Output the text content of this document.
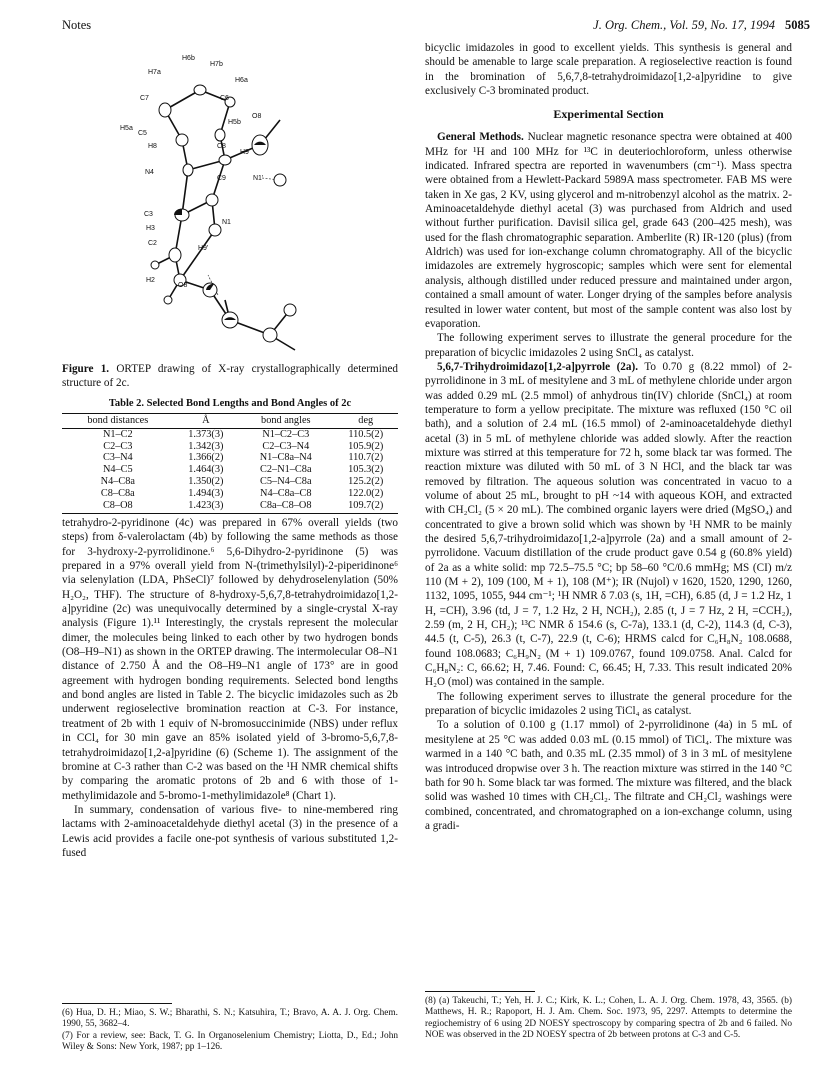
Notes	J. Org. Chem., Vol. 59, No. 17, 1994 5085
H6b
H7b
H7a
H6a
C7	C6
H5b
O8
H5a
C5
H8	C8
H9
N4
C9	N1'
C3
N1
H3
C2
H9'
H2
O8'
Figure 1. ORTEP drawing of X-ray crystallographically determined structure of 2c.
Table 2. Selected Bond Lengths and Bond Angles of 2c
bond distances	Å	bond angles	deg
N1–C2	1.373(3)	N1–C2–C3	110.5(2)
C2–C3	1.342(3)	C2–C3–N4	105.9(2)
C3–N4	1.366(2)	N1–C8a–N4	110.7(2)
N4–C5	1.464(3)	C2–N1–C8a	105.3(2)
N4–C8a	1.350(2)	C5–N4–C8a	125.2(2)
C8–C8a	1.494(3)	N4–C8a–C8	122.0(2)
C8–O8	1.423(3)	C8a–C8–O8	109.7(2)

tetrahydro-2-pyridinone (4c) was prepared in 67% overall yields (two steps) from δ-valerolactam (4b) by following the same methods as those for 3-hydroxy-2-pyrrolidinone.⁶ 5,6-Dihydro-2-pyridinone (5) was prepared in a 97% overall yield from N-(trimethylsilyl)-2-piperidinone⁶ via selenylation (LDA, PhSeCl)⁷ followed by dehydroselenylation (50% H₂O₂, THF). The structure of 8-hydroxy-5,6,7,8-tetrahydroimidazo[1,2-a]pyridine (2c) was unequivocally determined by a single-crystal X-ray analysis (Figure 1).¹¹ Interestingly, the crystals represent the molecular dimer, the molecules being linked to each other by two hydrogen bonds (O8–H9–N1) as shown in the ORTEP drawing. The intermolecular O8–N1 distance of 2.750 Å and the O8–H9–N1 angle of 173° are in good agreement with hydrogen bonding requirements. Selected bond lengths and bond angles are listed in Table 2. The bicyclic imidazoles such as 2b underwent regioselective bromination reaction at C-3. For instance, treatment of 2b with 1 equiv of N-bromosuccinimide (NBS) under reflux in CCl₄ for 30 min gave an 85% isolated yield of 3-bromo-5,6,7,8-tetrahydroimidazo[1,2-a]pyridine (6) (Scheme 1). The assignment of the bromine at C-3 rather than C-2 was based on the ¹H NMR chemical shifts by comparing the aromatic protons of 2b and 6 with those of 1-methylimidazole and 5-bromo-1-methylimidazole⁸ (Chart 1).

In summary, condensation of various five- to nine-membered ring lactams with 2-aminoacetaldehyde diethyl acetal (3) in the presence of a Lewis acid provides a facile one-pot synthesis of various substituted 1,2-fused

(6) Hua, D. H.; Miao, S. W.; Bharathi, S. N.; Katsuhira, T.; Bravo, A. A. J. Org. Chem. 1990, 55, 3682–4.
(7) For a review, see: Back, T. G. In Organoselenium Chemistry; Liotta, D., Ed.; John Wiley & Sons: New York, 1987; pp 1–126.

bicyclic imidazoles in good to excellent yields. This synthesis is general and should be amenable to large scale preparation. A regioselective reaction is found in the bromination of 5,6,7,8-tetrahydroimidazo[1,2-a]pyridine to give exclusively C-3 brominated product.

Experimental Section

General Methods. Nuclear magnetic resonance spectra were obtained at 400 MHz for ¹H and 100 MHz for ¹³C in deuteriochloroform, unless otherwise indicated. Infrared spectra are reported in wavenumbers (cm⁻¹). Mass spectra were obtained from a Hewlett-Packard 5989A mass spectrometer. FAB MS were taken in Xe gas, 2 KV, using glycerol and m-nitrobenzyl alcohol as the matrix. 2-Aminoacetaldehyde diethyl acetal (3) was purchased from Aldrich and used without further purification. Davisil silica gel, grade 643 (200–425 mesh), was used for the flash chromatographic separation. Amberlite (R) IR-120 (plus) (from Aldrich) was used for ion-exchange column chromatography. All of the bicyclic imidazoles are extremely hygroscopic; samples which were sent for elemental analysis, although distilled under reduced pressure and maintained under argon, contained a small amount of water. Longer drying of the samples before analysis resulted in lower water content, but most of the sample content was also lost by evaporation.

The following experiment serves to illustrate the general procedure for the preparation of bicyclic imidazoles 2 using SnCl₄ as catalyst.

5,6,7-Trihydroimidazo[1,2-a]pyrrole (2a). To 0.70 g (8.22 mmol) of 2-pyrrolidinone in 3 mL of mesitylene and 3 mL of methylene chloride under argon was added 0.29 mL (2.5 mmol) of anhydrous tin(IV) chloride (SnCl₄) at room temperature to form a yellow precipitate. The mixture was refluxed (150 °C oil bath), and a solution of 2.4 mL (16.5 mmol) of 2-aminoacetaldehyde diethyl acetal (3) in 5 mL of methylene chloride was added slowly. After the reaction mixture was stirred at this temperature for 72 h, some black tar was formed. The reaction mixture was diluted with 50 mL of 3 N HCl, and the black tar was removed by filtration. The aqueous solution was concentrated in vacuo to a volume of about 25 mL, brought to pH ~14 with aqueous KOH, and extracted with CH₂Cl₂ (5 × 20 mL). The combined organic layers were dried (MgSO₄) and concentrated to give a brown solid which was shown by ¹H NMR to be mainly the desired 5,6,7-trihydroimidazo[1,2-a]pyrrole (2a) and a small amount of 2-pyrrolidone. Vacuum distillation of the crude product gave 0.54 g (60.8% yield) of 2a as a white solid: mp 72.5–75.5 °C; bp 58–60 °C/0.6 mmHg; MS (CI) m/z 110 (M + 2), 109 (100, M + 1), 108 (M⁺); IR (Nujol) ν 1620, 1520, 1290, 1260, 1132, 1095, 1055, 944 cm⁻¹; ¹H NMR δ 7.03 (s, 1H, =CH), 6.85 (d, J = 1.2 Hz, 1 H, =CH), 3.96 (td, J = 7, 1.2 Hz, 2 H, NCH₂), 2.85 (t, J = 7 Hz, 2 H, =CCH₂), 2.59 (m, 2 H, CH₂); ¹³C NMR δ 154.6 (s, C-7a), 133.1 (d, C-2), 114.3 (d, C-3), 44.5 (t, C-5), 26.3 (t, C-7), 22.9 (t, C-6); HRMS calcd for C₆H₈N₂ 108.0688, found 108.0683; C₆H₉N₂ (M + 1) 109.0767, found 109.0758. Anal. Calcd for C₆H₈N₂: C, 66.62; H, 7.46. Found: C, 66.45; H, 7.33. This result indicated 20% H₂O (mol) was contained in the sample.

The following experiment serves to illustrate the general procedure for the preparation of bicyclic imidazoles 2 using TiCl₄ as catalyst.

To a solution of 0.100 g (1.17 mmol) of 2-pyrrolidinone (4a) in 5 mL of mesitylene at 25 °C was added 0.03 mL (0.15 mmol) of TiCl₄. The mixture was warmed in a 140 °C bath, and 0.35 mL (2.35 mmol) of 3 in 3 mL of mesitylene was introduced dropwise over 3 h. The reaction mixture was stirred in the 140 °C bath for 90 h. Some black tar was formed. The mixture was filtered, and the black solid was washed 10 times with CH₂Cl₂. The filtrate and CH₂Cl₂ washings were combined, concentrated, and chromatographed on a ion-exchange column, using a gradi-

(8) (a) Takeuchi, T.; Yeh, H. J. C.; Kirk, K. L.; Cohen, L. A. J. Org. Chem. 1978, 43, 3565. (b) Matthews, H. R.; Rapoport, H. J. Am. Chem. Soc. 1973, 95, 2297. Attempts to determine the regiochemistry of 6 using 2D NOESY spectroscopy by comparing spectra of 2b and 6 failed. No NOE was observed in the 2D NOESY spectra of 2b between protons at C-3 and C-5.
